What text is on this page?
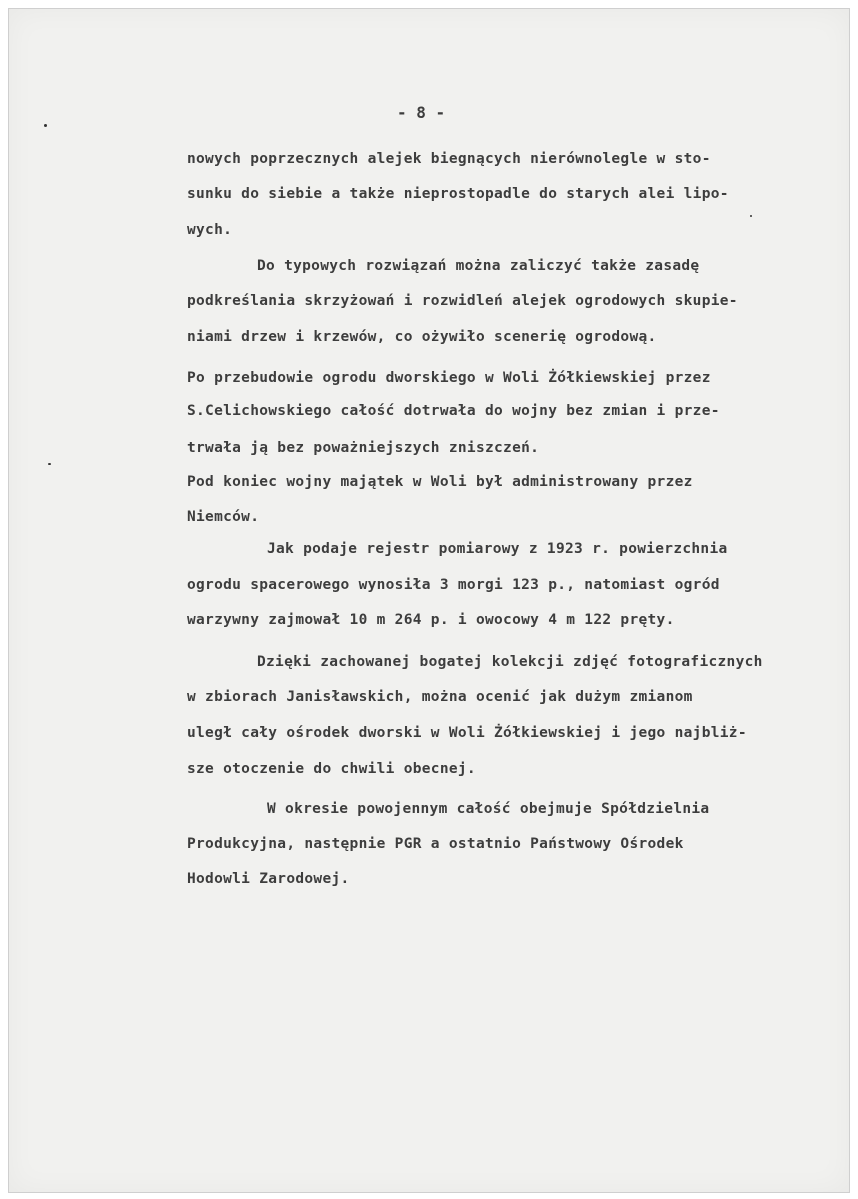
- 8 -
nowych poprzecznych alejek biegnących nierównolegle w sto-
sunku do siebie a także nieprostopadle do starych alei lipo-
wych.
Do typowych rozwiązań można zaliczyć także zasadę
podkreślania skrzyżowań i rozwidleń alejek ogrodowych skupie-
niami drzew i krzewów, co ożywiło scenerię ogrodową.
Po przebudowie ogrodu dworskiego w Woli Żółkiewskiej przez
S.Celichowskiego całość dotrwała do wojny bez zmian i prze-
trwała ją bez poważniejszych zniszczeń.
Pod koniec wojny majątek w Woli był administrowany przez
Niemców.
Jak podaje rejestr pomiarowy z 1923 r. powierzchnia
ogrodu spacerowego wynosiła 3 morgi 123 p., natomiast ogród
warzywny zajmował 10 m 264 p. i owocowy 4 m 122 pręty.
Dzięki zachowanej bogatej kolekcji zdjęć fotograficznych
w zbiorach Janisławskich, można ocenić jak dużym zmianom
uległ cały ośrodek dworski w Woli Żółkiewskiej i jego najbliż-
sze otoczenie do chwili obecnej.
W okresie powojennym całość obejmuje Spółdzielnia
Produkcyjna, następnie PGR a ostatnio Państwowy Ośrodek
Hodowli Zarodowej.
